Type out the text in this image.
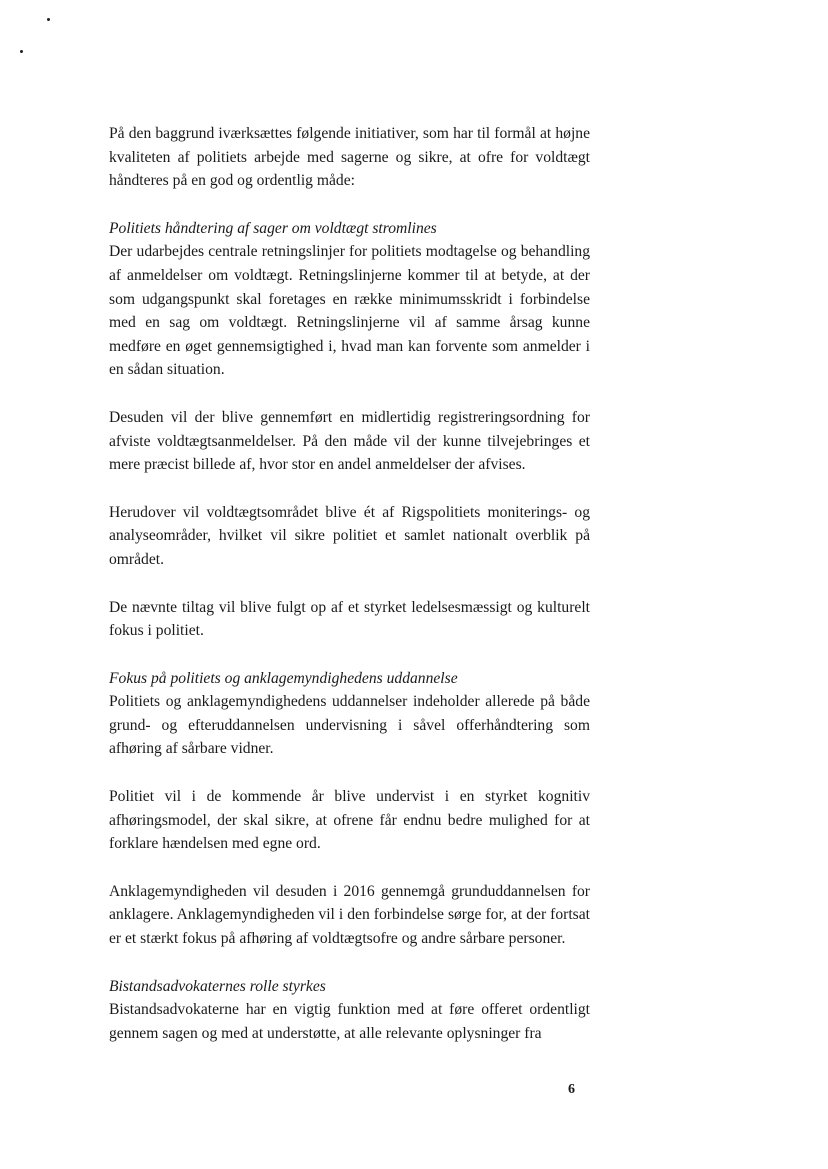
På den baggrund iværksættes følgende initiativer, som har til formål at højne kvaliteten af politiets arbejde med sagerne og sikre, at ofre for voldtægt håndteres på en god og ordentlig måde:

Politiets håndtering af sager om voldtægt stromlines

Der udarbejdes centrale retningslinjer for politiets modtagelse og behandling af anmeldelser om voldtægt. Retningslinjerne kommer til at betyde, at der som udgangspunkt skal foretages en række minimumsskridt i forbindelse med en sag om voldtægt. Retningslinjerne vil af samme årsag kunne medføre en øget gennemsigtighed i, hvad man kan forvente som anmelder i en sådan situation.

Desuden vil der blive gennemført en midlertidig registreringsordning for afviste voldtægtsanmeldelser. På den måde vil der kunne tilvejebringes et mere præcist billede af, hvor stor en andel anmeldelser der afvises.

Herudover vil voldtægtsområdet blive ét af Rigspolitiets moniterings- og analyseområder, hvilket vil sikre politiet et samlet nationalt overblik på området.

De nævnte tiltag vil blive fulgt op af et styrket ledelsesmæssigt og kulturelt fokus i politiet.

Fokus på politiets og anklagemyndighedens uddannelse

Politiets og anklagemyndighedens uddannelser indeholder allerede på både grund- og efteruddannelsen undervisning i såvel offerhåndtering som afhøring af sårbare vidner.

Politiet vil i de kommende år blive undervist i en styrket kognitiv afhøringsmodel, der skal sikre, at ofrene får endnu bedre mulighed for at forklare hændelsen med egne ord.

Anklagemyndigheden vil desuden i 2016 gennemgå grunduddannelsen for anklagere. Anklagemyndigheden vil i den forbindelse sørge for, at der fortsat er et stærkt fokus på afhøring af voldtægtsofre og andre sårbare personer.

Bistandsadvokaternes rolle styrkes

Bistandsadvokaterne har en vigtig funktion med at føre offeret ordentligt gennem sagen og med at understøtte, at alle relevante oplysninger fra

6
